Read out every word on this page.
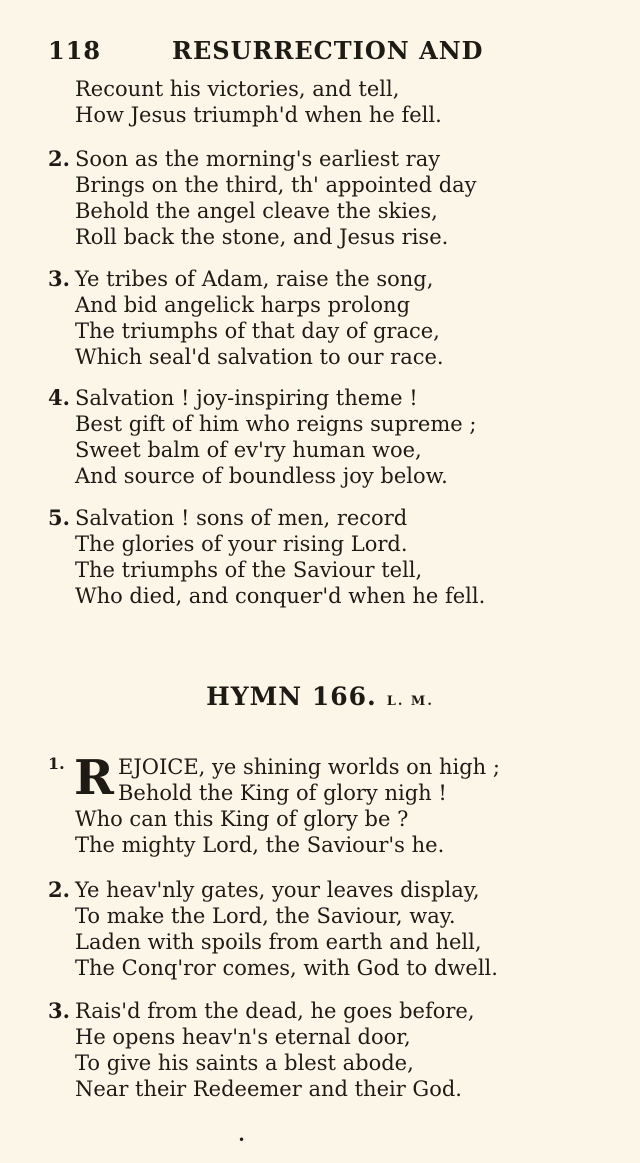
118	RESURRECTION AND
Recount his victories, and tell,
How Jesus triumph'd when he fell.
2. Soon as the morning's earliest ray
Brings on the third, th' appointed day
Behold the angel cleave the skies,
Roll back the stone, and Jesus rise.
3. Ye tribes of Adam, raise the song,
And bid angelick harps prolong
The triumphs of that day of grace,
Which seal'd salvation to our race.
4. Salvation ! joy-inspiring theme !
Best gift of him who reigns supreme ;
Sweet balm of ev'ry human woe,
And source of boundless joy below.
5. Salvation ! sons of men, record
The glories of your rising Lord.
The triumphs of the Saviour tell,
Who died, and conquer'd when he fell.
HYMN 166. L. M.
1. R EJOICE, ye shining worlds on high ;
Behold the King of glory nigh !
Who can this King of glory be ?
The mighty Lord, the Saviour's he.
2. Ye heav'nly gates, your leaves display,
To make the Lord, the Saviour, way.
Laden with spoils from earth and hell,
The Conq'ror comes, with God to dwell.
3. Rais'd from the dead, he goes before,
He opens heav'n's eternal door,
To give his saints a blest abode,
Near their Redeemer and their God.
•
